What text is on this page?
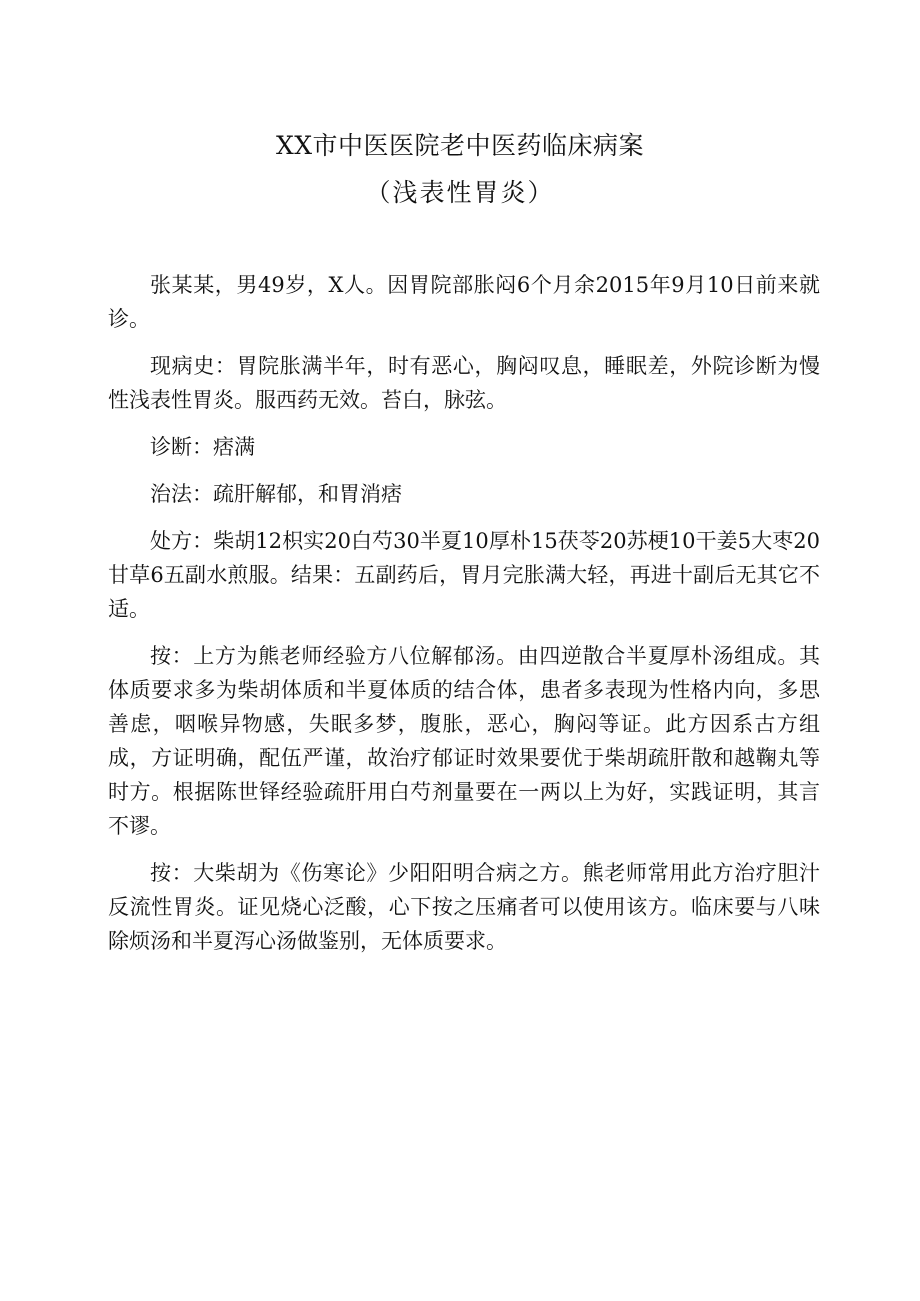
XX市中医医院老中医药临床病案
（浅表性胃炎）

张某某，男49岁，X人。因胃院部胀闷6个月余2015年9月10日前来就诊。

现病史：胃院胀满半年，时有恶心，胸闷叹息，睡眠差，外院诊断为慢性浅表性胃炎。服西药无效。苔白，脉弦。

诊断：痞满

治法：疏肝解郁，和胃消痞

处方：柴胡12枳实20白芍30半夏10厚朴15茯苓20苏梗10干姜5大枣20甘草6五副水煎服。结果：五副药后，胃月完胀满大轻，再进十副后无其它不适。

按：上方为熊老师经验方八位解郁汤。由四逆散合半夏厚朴汤组成。其体质要求多为柴胡体质和半夏体质的结合体，患者多表现为性格内向，多思善虑，咽喉异物感，失眠多梦，腹胀，恶心，胸闷等证。此方因系古方组成，方证明确，配伍严谨，故治疗郁证时效果要优于柴胡疏肝散和越鞠丸等时方。根据陈世铎经验疏肝用白芍剂量要在一两以上为好，实践证明，其言不谬。

按：大柴胡为《伤寒论》少阳阳明合病之方。熊老师常用此方治疗胆汁反流性胃炎。证见烧心泛酸，心下按之压痛者可以使用该方。临床要与八味除烦汤和半夏泻心汤做鉴别，无体质要求。
